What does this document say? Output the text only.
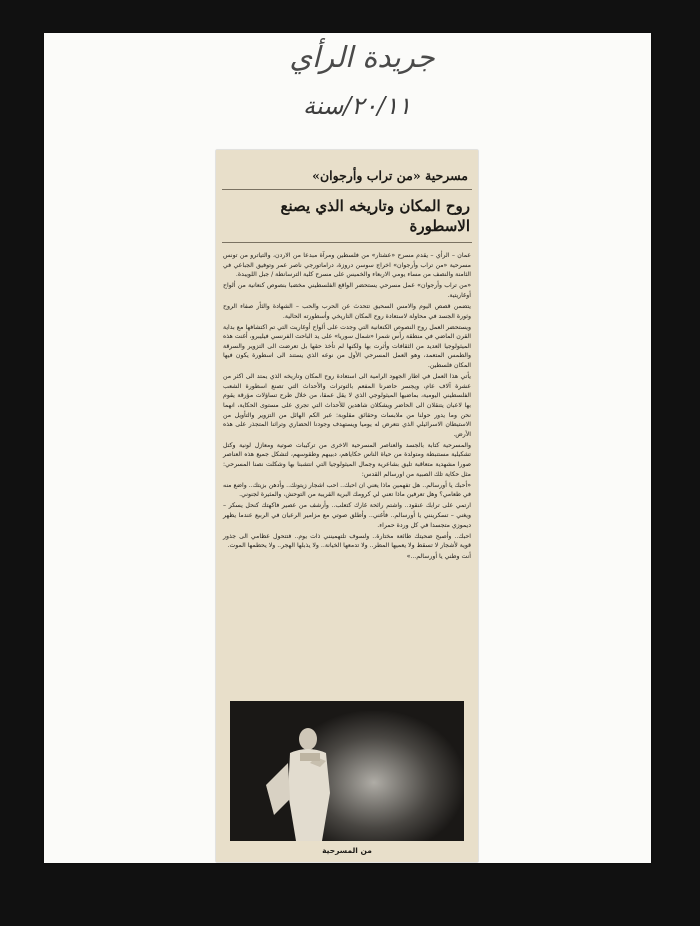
جريدة الرأي
٢٠/١١/سنة
مسرحية «من تراب وأرجوان»
روح المكان وتاريخه الذي يصنع الاسطورة

عمان – الرأي – يقدم مسرح «عشتار» من فلسطين ومرآة مبدعا من الاردن، والتياترو من تونس مسرحية «من تراب وأرجوان» اخراج سوسن دروزة، دراماتورجي ناصر عمر وتوفيق الجباعي في الثامنة والنصف من مساء يومي الاربعاء والخميس على مسرح كلية الترسانطة / جبل اللويبدة.

«من تراب وأرجوان» عمل مسرحي يستحضر الواقع الفلسطيني مخضبا بنصوص كنعانية من ألواح أوغاريتية.

يتضمن قصص اليوم والامس السحيق تتحدث عن الحرب والحب – الشهادة والثأر صفاء الروح وثورة الجسد في محاولة لاستعادة روح المكان التاريخي وأسطورته الحالية.

ويستحضر العمل روح النصوص الكنعانية التي وجدت على ألواح أوغاريت التي تم اكتشافها مع بداية القرن الماضي في منطقة رأس شمرا «شمال سوريا» على يد الباحث الفرنسي فيليبرو، أغنت هذه الميثولوجيا العديد من الثقافات وأثرت بها ولكنها لم تأخذ حقها بل تعرضت الى التزوير والسرقة والطمس المتعمد، وهو العمل المسرحي الأول من نوعه الذي يستند الى اسطورة يكون فيها المكان فلسطين.

يأتي هذا العمل في اطار الجهود الرامية الى استعادة روح المكان وتاريخه الذي يمتد الى اكثر من عشرة آلاف عام، ويجسر حاضرنا المفعم بالتوترات والأحداث التي تصنع اسطورة الشعب الفلسطيني اليومية، بماضيها الميثولوجي الذي لا يقل عمقا، من خلال طرح تساؤلات مؤرقة يقوم بها لاعبان يتنقلان الى الحاضر ويشكلان شاهدين للأحداث التي تجري على مستوى الحكاية، انهما نحن وما يدور حولنا من ملابسات وحقائق مقلوبة: عبر الكم الهائل من التزوير والتأويل من الاستيطان الاسرائيلي الذي نتعرض له يوميا ويستهدف وجودنا الحضاري وتراثنا المتجذر على هذه الأرض.

والمسرحية كتابة بالجسد والعناصر المسرحية الاخرى من تركيبات صوتية ومعازل لونية وكتل تشكيلية مستنبطة ومتولدة من حياة الناس حكاياهم، دبيبهم وطقوسهم، لتشكل جميع هذه العناصر صورا مشهدية متعاقبة تليق بشاعرية وجمال الميثولوجيا التي انتشبنا بها وشكلت نصنا المسرحي: مثل حكاية تلك الصبية من اورسالم القدس:

«أحبك يا أورسالم.. هل تفهمين ماذا يعني ان احبك.. احب اشجار زيتونك.. وأدهن بزيتك.. واضع منه في طعامي؟ وهل تعرفين ماذا تعني لي كرومك البرية القريبة من التوحش، والمثيرة لجنوني.

ارتمي على ترابك عنقود.. واشتم رائحة غارك كتعلب.. وأرشف من عصير فاكهتك كنحل يسكر – ويغني – تسكرينني يا أورسالم.. فأغني.. وأطلق صوتي مع مزامير الرعيان في الربيع عندما يظهر ديموزي متجسدا في كل وردة حمراء.

احبك.. وأصبح ضحيتك طائعة مختارة.. ولسوف تلتهمينني ذات يوم.. فتتحول عظامي الى جذور قوية لأشجار لا تسقط ولا يعميها المطر.. ولا تدمعها الخيانة.. ولا يذبلها الهجر.. ولا يحطمها الموت.

أنت وطني يا أورسالم...»

من المسرحية
